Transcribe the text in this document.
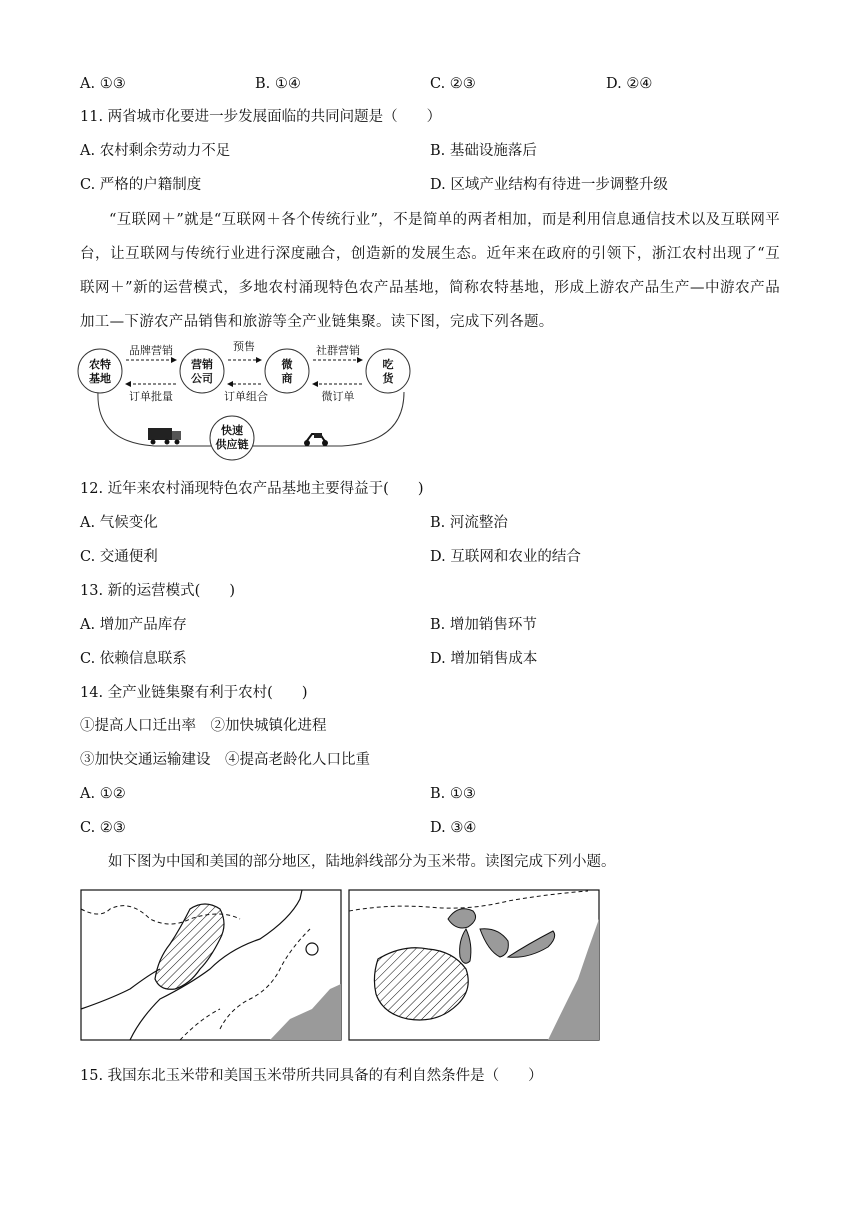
A. ①③	B. ①④	C. ②③	D. ②④
11. 两省城市化要进一步发展面临的共同问题是（　　）
A. 农村剩余劳动力不足	B. 基础设施落后
C. 严格的户籍制度	D. 区域产业结构有待进一步调整升级
“互联网＋”就是“互联网＋各个传统行业”，不是简单的两者相加，而是利用信息通信技术以及互联网平台，让互联网与传统行业进行深度融合，创造新的发展生态。近年来在政府的引领下，浙江农村出现了“互联网＋”新的运营模式，多地农村涌现特色农产品基地，简称农特基地，形成上游农产品生产—中游农产品加工—下游农产品销售和旅游等全产业链集聚。读下图，完成下列各题。
农特
基地
营销
公司
微
商
吃
货
快速
供应链
品牌营销	预售	社群营销
订单批量	订单组合	微订单
12. 近年来农村涌现特色农产品基地主要得益于(　　)
A. 气候变化	B. 河流整治
C. 交通便利	D. 互联网和农业的结合
13. 新的运营模式(　　)
A. 增加产品库存	B. 增加销售环节
C. 依赖信息联系	D. 增加销售成本
14. 全产业链集聚有利于农村(　　)
①提高人口迁出率　②加快城镇化进程
③加快交通运输建设　④提高老龄化人口比重
A. ①②	B. ①③
C. ②③	D. ③④
如下图为中国和美国的部分地区，陆地斜线部分为玉米带。读图完成下列小题。
15. 我国东北玉米带和美国玉米带所共同具备的有利自然条件是（　　）
